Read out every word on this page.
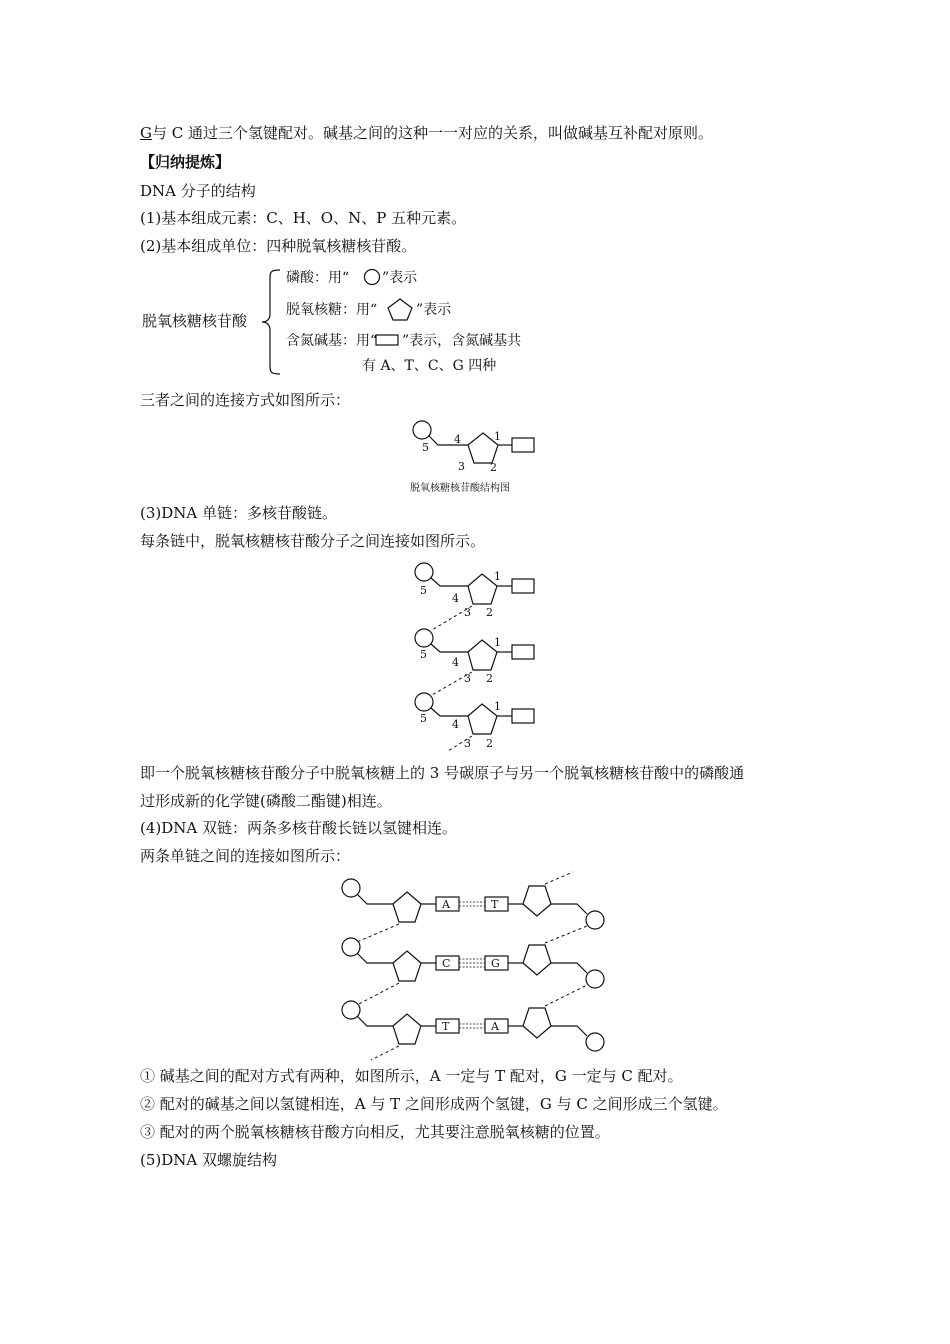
G与 C 通过三个氢键配对。碱基之间的这种一一对应的关系，叫做碱基互补配对原则。
【归纳提炼】
DNA 分子的结构
(1)基本组成元素：C、H、O、N、P 五种元素。
(2)基本组成单位：四种脱氧核糖核苷酸。
脱氧核糖核苷酸
磷酸：用“ ”表示
脱氧核糖：用“	”表示
含氮碱基：用“ ”表示，含氮碱基共
有 A、T、C、G 四种
三者之间的连接方式如图所示：
1
2
3
4
5
脱氧核糖核苷酸结构图
(3)DNA 单链：多核苷酸链。
每条链中，脱氧核糖核苷酸分子之间连接如图所示。
1
2
3
4
5
1
2
3
4
5
1
2
3
4
5
即一个脱氧核糖核苷酸分子中脱氧核糖上的 3 号碳原子与另一个脱氧核糖核苷酸中的磷酸通
过形成新的化学键(磷酸二酯键)相连。
(4)DNA 双链：两条多核苷酸长链以氢键相连。
两条单链之间的连接如图所示：
A	T
C	G
T	A
① 碱基之间的配对方式有两种，如图所示，A 一定与 T 配对，G 一定与 C 配对。
② 配对的碱基之间以氢键相连，A 与 T 之间形成两个氢键，G 与 C 之间形成三个氢键。
③ 配对的两个脱氧核糖核苷酸方向相反，尤其要注意脱氧核糖的位置。
(5)DNA 双螺旋结构
